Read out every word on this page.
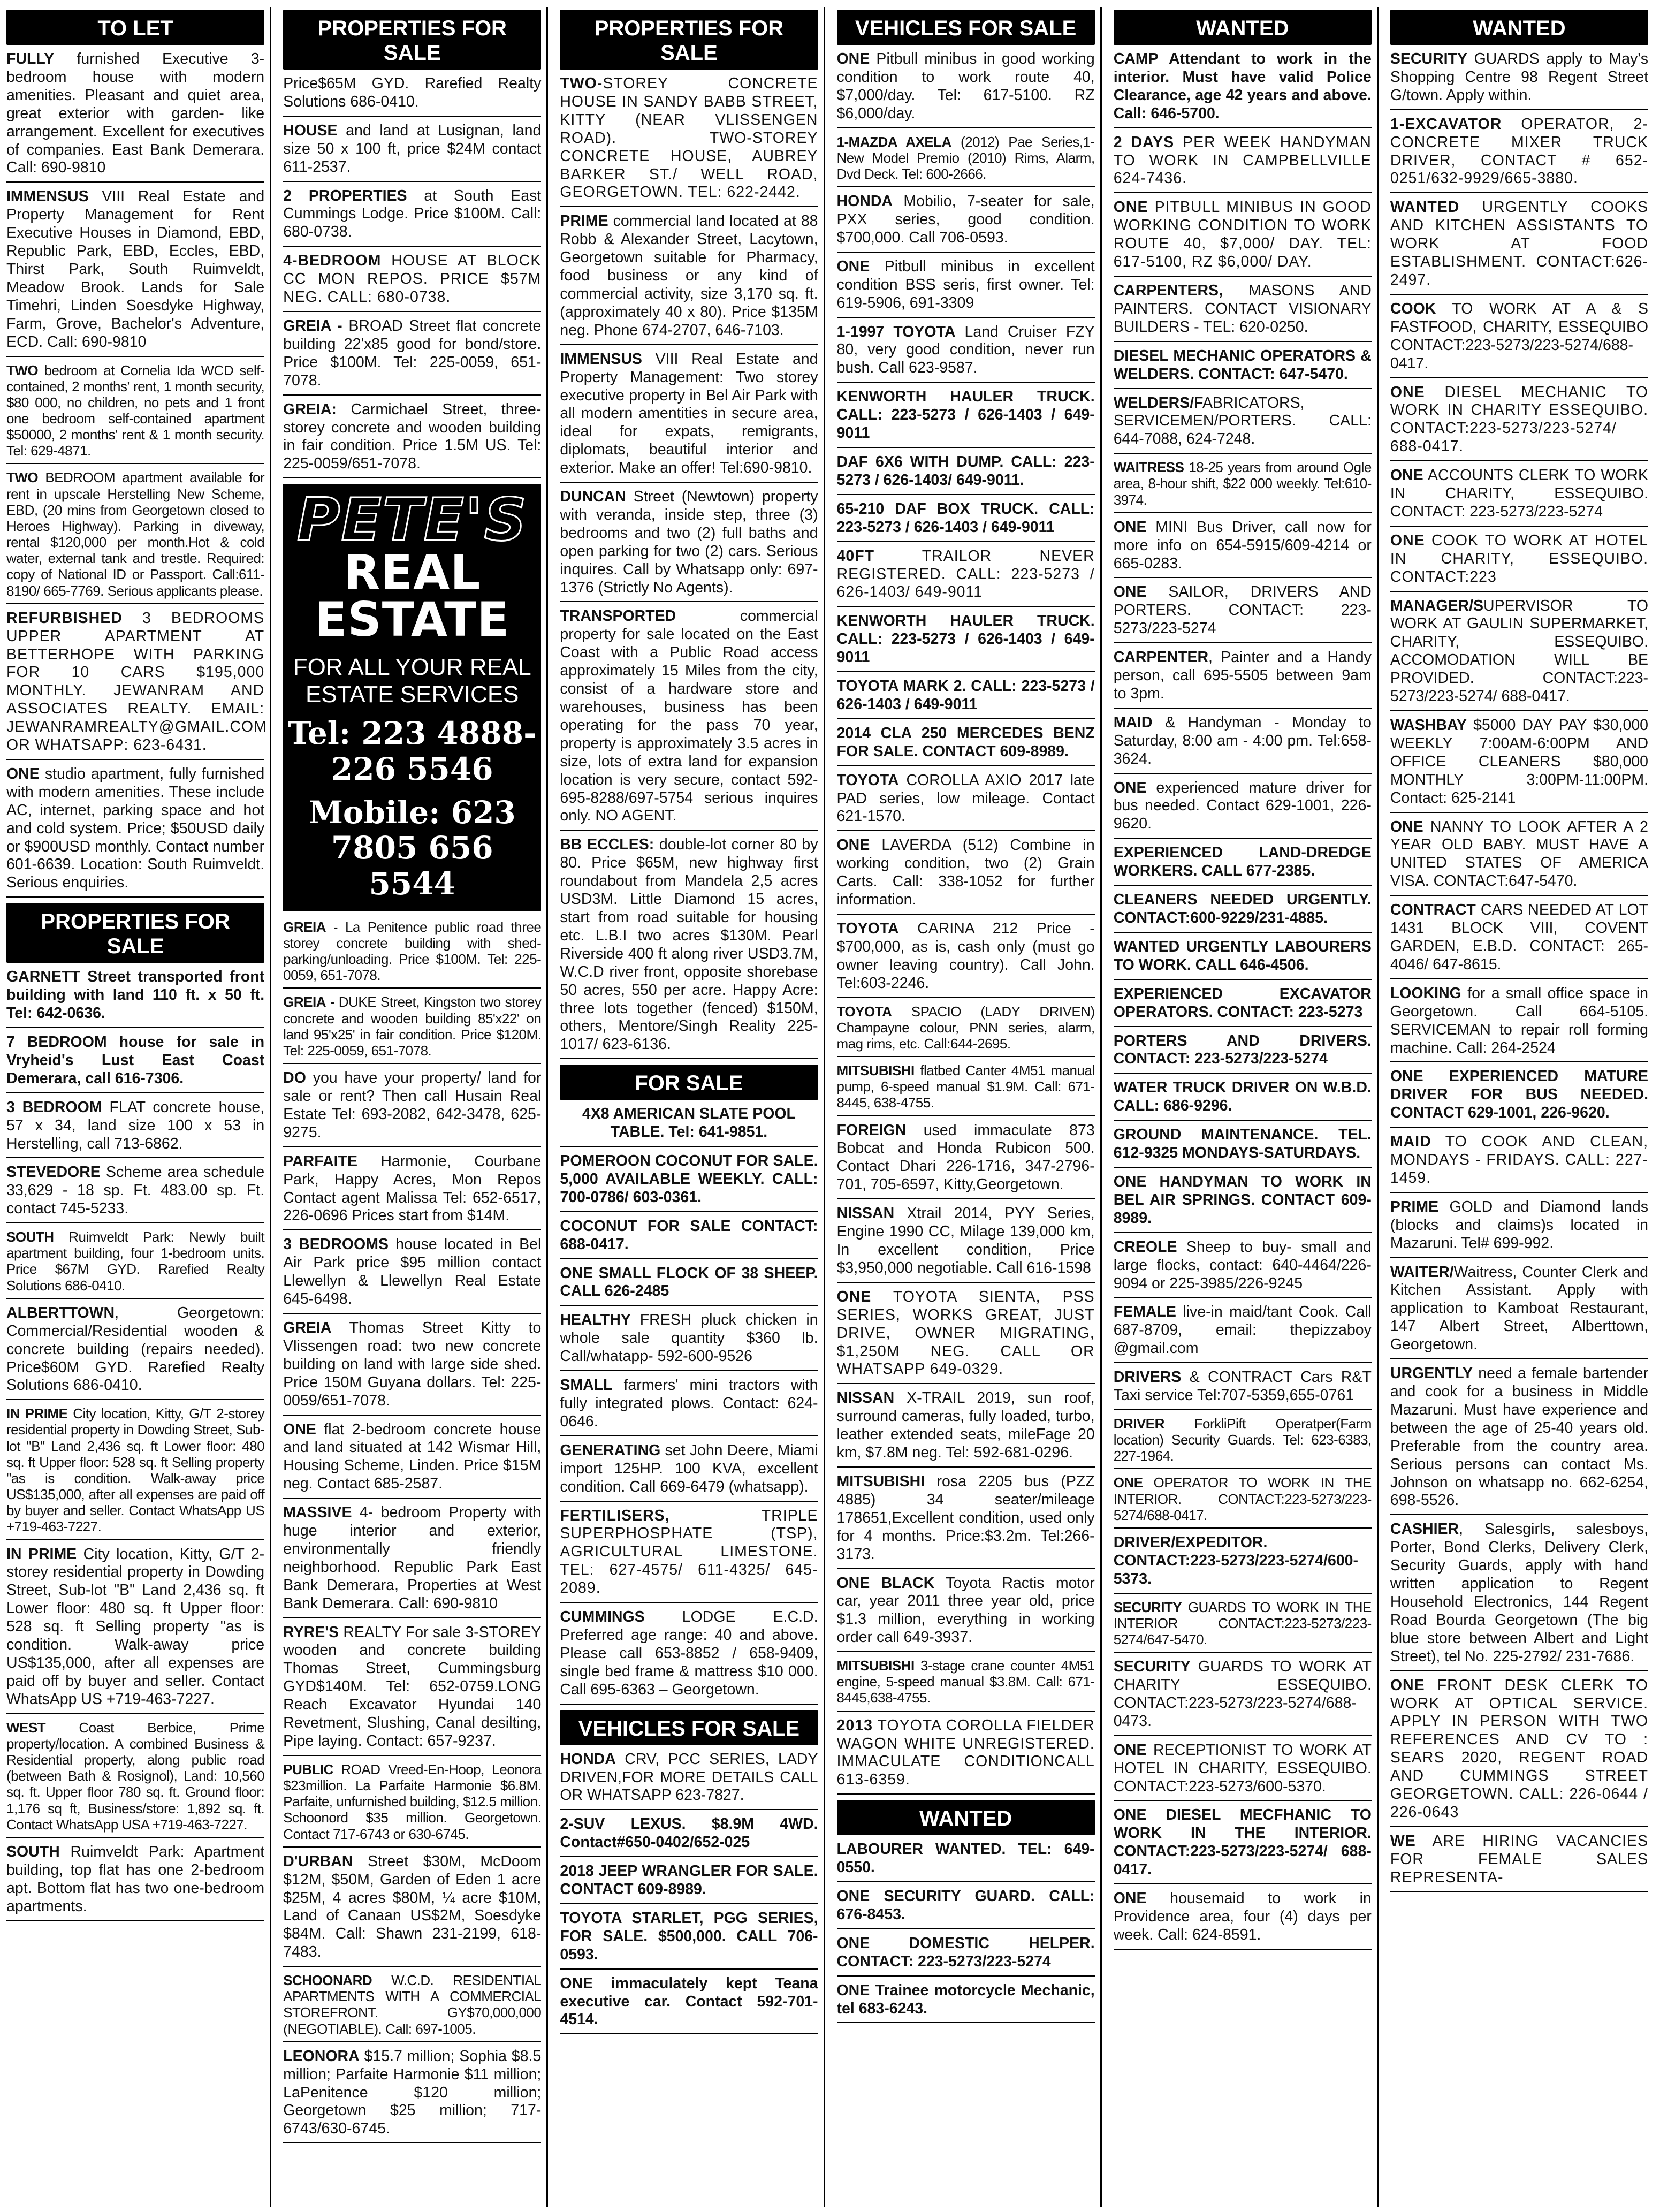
TO LET
FULLY furnished Executive 3- bedroom house with modern amenities. Pleasant and quiet area, great exterior with garden- like arrangement. Excellent for executives of companies. East Bank Demerara. Call: 690-9810
IMMENSUS VIII Real Estate and Property Management for Rent Executive Houses in Diamond, EBD, Republic Park, EBD, Eccles, EBD, Thirst Park, South Ruimveldt, Meadow Brook. Lands for Sale Timehri, Linden Soesdyke Highway, Farm, Grove, Bachelor's Adventure, ECD. Call: 690-9810
TWO bedroom at Cornelia Ida WCD self-contained, 2 months' rent, 1 month security, $80 000, no children, no pets and 1 front one bedroom self-contained apartment $50000, 2 months' rent & 1 month security. Tel: 629-4871.
TWO BEDROOM apartment available for rent in upscale Herstelling New Scheme, EBD, (20 mins from Georgetown closed to Heroes Highway). Parking in diveway, rental $120,000 per month.Hot & cold water, external tank and trestle. Required: copy of National ID or Passport. Call:611-8190/ 665-7769. Serious applicants please.
REFURBISHED 3 BEDROOMS UPPER APARTMENT AT BETTERHOPE WITH PARKING FOR 10 CARS $195,000 MONTHLY. JEWANRAM AND ASSOCIATES REALTY. EMAIL: JEWANRAMREALTY@GMAIL.COM OR WHATSAPP: 623-6431.
ONE studio apartment, fully furnished with modern amenities. These include AC, internet, parking space and hot and cold system. Price; $50USD daily or $900USD monthly. Contact number 601-6639. Location: South Ruimveldt. Serious enquiries.
PROPERTIES FOR SALE
GARNETT Street transported front building with land 110 ft. x 50 ft. Tel: 642-0636.
7 BEDROOM house for sale in Vryheid's Lust East Coast Demerara, call 616-7306.
3 BEDROOM FLAT concrete house, 57 x 34, land size 100 x 53 in Herstelling, call 713-6862.
STEVEDORE Scheme area schedule 33,629 - 18 sp. Ft. 483.00 sp. Ft. contact 745-5233.
SOUTH Ruimveldt Park: Newly built apartment building, four 1-bedroom units. Price $67M GYD. Rarefied Realty Solutions 686-0410.
ALBERTTOWN, Georgetown: Commercial/Residential wooden & concrete building (repairs needed). Price$60M GYD. Rarefied Realty Solutions 686-0410.
IN PRIME City location, Kitty, G/T 2-storey residential property in Dowding Street, Sub-lot "B" Land 2,436 sq. ft Lower floor: 480 sq. ft Upper floor: 528 sq. ft Selling property "as is condition. Walk-away price US$135,000, after all expenses are paid off by buyer and seller. Contact WhatsApp US +719-463-7227.
IN PRIME City location, Kitty, G/T 2-storey residential property in Dowding Street, Sub-lot "B" Land 2,436 sq. ft Lower floor: 480 sq. ft Upper floor: 528 sq. ft Selling property "as is condition. Walk-away price US$135,000, after all expenses are paid off by buyer and seller. Contact WhatsApp US +719-463-7227.
WEST Coast Berbice, Prime property/location. A combined Business & Residential property, along public road (between Bath & Rosignol), Land: 10,560 sq. ft. Upper floor 780 sq. ft. Ground floor: 1,176 sq ft, Business/store: 1,892 sq. ft. Contact WhatsApp USA +719-463-7227.
SOUTH Ruimveldt Park: Apartment building, top flat has one 2-bedroom apt. Bottom flat has two one-bedroom apartments.
PROPERTIES FOR SALE
Price$65M GYD. Rarefied Realty Solutions 686-0410.
HOUSE and land at Lusignan, land size 50 x 100 ft, price $24M contact 611-2537.
2 PROPERTIES at South East Cummings Lodge. Price $100M. Call: 680-0738.
4-BEDROOM HOUSE AT BLOCK CC MON REPOS. PRICE $57M NEG. CALL: 680-0738.
GREIA - BROAD Street flat concrete building 22'x85 good for bond/store. Price $100M. Tel: 225-0059, 651-7078.
GREIA: Carmichael Street, three-storey concrete and wooden building in fair condition. Price 1.5M US. Tel: 225-0059/651-7078.
PETE'S
REAL ESTATE
FOR ALL YOUR REAL ESTATE SERVICES
Tel: 223 4888- 226 5546
Mobile: 623 7805 656 5544
GREIA - La Penitence public road three storey concrete building with shed-parking/unloading. Price $100M. Tel: 225-0059, 651-7078.
GREIA - DUKE Street, Kingston two storey concrete and wooden building 85'x22' on land 95'x25' in fair condition. Price $120M. Tel: 225-0059, 651-7078.
DO you have your property/ land for sale or rent? Then call Husain Real Estate Tel: 693-2082, 642-3478, 625-9275.
PARFAITE Harmonie, Courbane Park, Happy Acres, Mon Repos Contact agent Malissa Tel: 652-6517, 226-0696 Prices start from $14M.
3 BEDROOMS house located in Bel Air Park price $95 million contact Llewellyn & Llewellyn Real Estate 645-6498.
GREIA Thomas Street Kitty to Vlissengen road: two new concrete building on land with large side shed. Price 150M Guyana dollars. Tel: 225-0059/651-7078.
ONE flat 2-bedroom concrete house and land situated at 142 Wismar Hill, Housing Scheme, Linden. Price $15M neg. Contact 685-2587.
MASSIVE 4- bedroom Property with huge interior and exterior, environmentally friendly neighborhood. Republic Park East Bank Demerara, Properties at West Bank Demerara. Call: 690-9810
RYRE'S REALTY For sale 3-STOREY wooden and concrete building Thomas Street, Cummingsburg GYD$140M. Tel: 652-0759.LONG Reach Excavator Hyundai 140 Revetment, Slushing, Canal desilting, Pipe laying. Contact: 657-9237.
PUBLIC ROAD Vreed-En-Hoop, Leonora $23million. La Parfaite Harmonie $6.8M. Parfaite, unfurnished building, $12.5 million. Schoonord $35 million. Georgetown. Contact 717-6743 or 630-6745.
D'URBAN Street $30M, McDoom $12M, $50M, Garden of Eden 1 acre $25M, 4 acres $80M, ¼ acre $10M, Land of Canaan US$2M, Soesdyke $84M. Call: Shawn 231-2199, 618-7483.
SCHOONARD W.C.D. RESIDENTIAL APARTMENTS WITH A COMMERCIAL STOREFRONT. GY$70,000,000 (NEGOTIABLE). Call: 697-1005.
LEONORA $15.7 million; Sophia $8.5 million; Parfaite Harmonie $11 million; LaPenitence $120 million; Georgetown $25 million; 717-6743/630-6745.
PROPERTIES FOR SALE
TWO-STOREY CONCRETE HOUSE IN SANDY BABB STREET, KITTY (NEAR VLISSENGEN ROAD). TWO-STOREY CONCRETE HOUSE, AUBREY BARKER ST./ WELL ROAD, GEORGETOWN. TEL: 622-2442.
PRIME commercial land located at 88 Robb & Alexander Street, Lacytown, Georgetown suitable for Pharmacy, food business or any kind of commercial activity, size 3,170 sq. ft. (approximately 40 x 80). Price $135M neg. Phone 674-2707, 646-7103.
IMMENSUS VIII Real Estate and Property Management: Two storey executive property in Bel Air Park with all modern amentities in secure area, ideal for expats, remigrants, diplomats, beautiful interior and exterior. Make an offer! Tel:690-9810.
DUNCAN Street (Newtown) property with veranda, inside step, three (3) bedrooms and two (2) full baths and open parking for two (2) cars. Serious inquires. Call by Whatsapp only: 697-1376 (Strictly No Agents).
TRANSPORTED commercial property for sale located on the East Coast with a Public Road access approximately 15 Miles from the city, consist of a hardware store and warehouses, business has been operating for the pass 70 year, property is approximately 3.5 acres in size, lots of extra land for expansion location is very secure, contact 592-695-8288/697-5754 serious inquires only. NO AGENT.
BB ECCLES: double-lot corner 80 by 80. Price $65M, new highway first roundabout from Mandela 2,5 acres USD3M. Little Diamond 15 acres, start from road suitable for housing etc. L.B.I two acres $130M. Pearl Riverside 400 ft along river USD3.7M, W.C.D river front, opposite shorebase 50 acres, 550 per acre. Happy Acre: three lots together (fenced) $150M, others, Mentore/Singh Reality 225-1017/ 623-6136.
FOR SALE
4X8 AMERICAN SLATE POOL TABLE. Tel: 641-9851.
POMEROON COCONUT FOR SALE. 5,000 AVAILABLE WEEKLY. CALL: 700-0786/ 603-0361.
COCONUT FOR SALE CONTACT: 688-0417.
ONE SMALL FLOCK OF 38 SHEEP. CALL 626-2485
HEALTHY FRESH pluck chicken in whole sale quantity $360 lb. Call/whatapp- 592-600-9526
SMALL farmers' mini tractors with fully integrated plows. Contact: 624-0646.
GENERATING set John Deere, Miami import 125HP. 100 KVA, excellent condition. Call 669-6479 (whatsapp).
FERTILISERS, TRIPLE SUPERPHOSPHATE (TSP), AGRICULTURAL LIMESTONE. TEL: 627-4575/ 611-4325/ 645-2089.
CUMMINGS LODGE E.C.D. Preferred age range: 40 and above. Please call 653-8852 / 658-9409, single bed frame & mattress $10 000. Call 695-6363 – Georgetown.
VEHICLES FOR SALE
HONDA CRV, PCC SERIES, LADY DRIVEN,FOR MORE DETAILS CALL OR WHATSAPP 623-7827.
2-SUV LEXUS. $8.9M 4WD. Contact#650-0402/652-025
2018 JEEP WRANGLER FOR SALE. CONTACT 609-8989.
TOYOTA STARLET, PGG SERIES, FOR SALE. $500,000. CALL 706-0593.
ONE immaculately kept Teana executive car. Contact 592-701-4514.
VEHICLES FOR SALE
ONE Pitbull minibus in good working condition to work route 40, $7,000/day. Tel: 617-5100. RZ $6,000/day.
1-MAZDA AXELA (2012) Pae Series,1- New Model Premio (2010) Rims, Alarm, Dvd Deck. Tel: 600-2666.
HONDA Mobilio, 7-seater for sale, PXX series, good condition. $700,000. Call 706-0593.
ONE Pitbull minibus in excellent condition BSS seris, first owner. Tel: 619-5906, 691-3309
1-1997 TOYOTA Land Cruiser FZY 80, very good condition, never run bush. Call 623-9587.
KENWORTH HAULER TRUCK. CALL: 223-5273 / 626-1403 / 649-9011
DAF 6X6 WITH DUMP. CALL: 223-5273 / 626-1403/ 649-9011.
65-210 DAF BOX TRUCK. CALL: 223-5273 / 626-1403 / 649-9011
40FT TRAILOR NEVER REGISTERED. CALL: 223-5273 / 626-1403/ 649-9011
KENWORTH HAULER TRUCK. CALL: 223-5273 / 626-1403 / 649-9011
TOYOTA MARK 2. CALL: 223-5273 / 626-1403 / 649-9011
2014 CLA 250 MERCEDES BENZ FOR SALE. CONTACT 609-8989.
TOYOTA COROLLA AXIO 2017 late PAD series, low mileage. Contact 621-1570.
ONE LAVERDA (512) Combine in working condition, two (2) Grain Carts. Call: 338-1052 for further information.
TOYOTA CARINA 212 Price - $700,000, as is, cash only (must go owner leaving country). Call John. Tel:603-2246.
TOYOTA SPACIO (LADY DRIVEN) Champayne colour, PNN series, alarm, mag rims, etc. Call:644-2695.
MITSUBISHI flatbed Canter 4M51 manual pump, 6-speed manual $1.9M. Call: 671-8445, 638-4755.
FOREIGN used immaculate 873 Bobcat and Honda Rubicon 500. Contact Dhari 226-1716, 347-2796-701, 705-6597, Kitty,Georgetown.
NISSAN Xtrail 2014, PYY Series, Engine 1990 CC, Milage 139,000 km, In excellent condition, Price $3,950,000 negotiable. Call 616-1598
ONE TOYOTA SIENTA, PSS SERIES, WORKS GREAT, JUST DRIVE, OWNER MIGRATING, $1,250M NEG. CALL OR WHATSAPP 649-0329.
NISSAN X-TRAIL 2019, sun roof, surround cameras, fully loaded, turbo, leather extended seats, mileFage 20 km, $7.8M neg. Tel: 592-681-0296.
MITSUBISHI rosa 2205 bus (PZZ 4885) 34 seater/mileage 178651,Excellent condition, used only for 4 months. Price:$3.2m. Tel:266-3173.
ONE BLACK Toyota Ractis motor car, year 2011 three year old, price $1.3 million, everything in working order call 649-3937.
MITSUBISHI 3-stage crane counter 4M51 engine, 5-speed manual $3.8M. Call: 671-8445,638-4755.
2013 TOYOTA COROLLA FIELDER WAGON WHITE UNREGISTERED. IMMACULATE CONDITIONCALL 613-6359.
WANTED
LABOURER WANTED. TEL: 649-0550.
ONE SECURITY GUARD. CALL: 676-8453.
ONE DOMESTIC HELPER. CONTACT: 223-5273/223-5274
ONE Trainee motorcycle Mechanic, tel 683-6243.
WANTED
CAMP Attendant to work in the interior. Must have valid Police Clearance, age 42 years and above. Call: 646-5700.
2 DAYS PER WEEK HANDYMAN TO WORK IN CAMPBELLVILLE 624-7436.
ONE PITBULL MINIBUS IN GOOD WORKING CONDITION TO WORK ROUTE 40, $7,000/ DAY. TEL: 617-5100, RZ $6,000/ DAY.
CARPENTERS, MASONS AND PAINTERS. CONTACT VISIONARY BUILDERS - TEL: 620-0250.
DIESEL MECHANIC OPERATORS & WELDERS. CONTACT: 647-5470.
WELDERS/FABRICATORS, SERVICEMEN/PORTERS. CALL: 644-7088, 624-7248.
WAITRESS 18-25 years from around Ogle area, 8-hour shift, $22 000 weekly. Tel:610-3974.
ONE MINI Bus Driver, call now for more info on 654-5915/609-4214 or 665-0283.
ONE SAILOR, DRIVERS AND PORTERS. CONTACT: 223-5273/223-5274
CARPENTER, Painter and a Handy person, call 695-5505 between 9am to 3pm.
MAID & Handyman - Monday to Saturday, 8:00 am - 4:00 pm. Tel:658-3624.
ONE experienced mature driver for bus needed. Contact 629-1001, 226-9620.
EXPERIENCED LAND-DREDGE WORKERS. CALL 677-2385.
CLEANERS NEEDED URGENTLY. CONTACT:600-9229/231-4885.
WANTED URGENTLY LABOURERS TO WORK. CALL 646-4506.
EXPERIENCED EXCAVATOR OPERATORS. CONTACT: 223-5273
PORTERS AND DRIVERS. CONTACT: 223-5273/223-5274
WATER TRUCK DRIVER ON W.B.D. CALL: 686-9296.
GROUND MAINTENANCE. TEL. 612-9325 MONDAYS-SATURDAYS.
ONE HANDYMAN TO WORK IN BEL AIR SPRINGS. CONTACT 609-8989.
CREOLE Sheep to buy- small and large flocks, contact: 640-4464/226-9094 or 225-3985/226-9245
FEMALE live-in maid/tant Cook. Call 687-8709, email: thepizzaboy @gmail.com
DRIVERS & CONTRACT Cars R&T Taxi service Tel:707-5359,655-0761
DRIVER ForkliPift Operatper(Farm location) Security Guards. Tel: 623-6383, 227-1964.
ONE OPERATOR TO WORK IN THE INTERIOR. CONTACT:223-5273/223-5274/688-0417.
DRIVER/EXPEDITOR. CONTACT:223-5273/223-5274/600-5373.
SECURITY GUARDS TO WORK IN THE INTERIOR CONTACT:223-5273/223-5274/647-5470.
SECURITY GUARDS TO WORK AT CHARITY ESSEQUIBO. CONTACT:223-5273/223-5274/688-0473.
ONE RECEPTIONIST TO WORK AT HOTEL IN CHARITY, ESSEQUIBO. CONTACT:223-5273/600-5370.
ONE DIESEL MECFHANIC TO WORK IN THE INTERIOR. CONTACT:223-5273/223-5274/ 688-0417.
ONE housemaid to work in Providence area, four (4) days per week. Call: 624-8591.
WANTED
SECURITY GUARDS apply to May's Shopping Centre 98 Regent Street G/town. Apply within.
1-EXCAVATOR OPERATOR, 2- CONCRETE MIXER TRUCK DRIVER, CONTACT # 652-0251/632-9929/665-3880.
WANTED URGENTLY COOKS AND KITCHEN ASSISTANTS TO WORK AT FOOD ESTABLISHMENT. CONTACT:626-2497.
COOK TO WORK AT A & S FASTFOOD, CHARITY, ESSEQUIBO CONTACT:223-5273/223-5274/688-0417.
ONE DIESEL MECHANIC TO WORK IN CHARITY ESSEQUIBO. CONTACT:223-5273/223-5274/ 688-0417.
ONE ACCOUNTS CLERK TO WORK IN CHARITY, ESSEQUIBO. CONTACT: 223-5273/223-5274
ONE COOK TO WORK AT HOTEL IN CHARITY, ESSEQUIBO. CONTACT:223
MANAGER/SUPERVISOR TO WORK AT GAULIN SUPERMARKET, CHARITY, ESSEQUIBO. ACCOMODATION WILL BE PROVIDED. CONTACT:223-5273/223-5274/ 688-0417.
WASHBAY $5000 DAY PAY $30,000 WEEKLY 7:00AM-6:00PM AND OFFICE CLEANERS $80,000 MONTHLY 3:00PM-11:00PM. Contact: 625-2141
ONE NANNY TO LOOK AFTER A 2 YEAR OLD BABY. MUST HAVE A UNITED STATES OF AMERICA VISA. CONTACT:647-5470.
CONTRACT CARS NEEDED AT LOT 1431 BLOCK VIII, COVENT GARDEN, E.B.D. CONTACT: 265-4046/ 647-8615.
LOOKING for a small office space in Georgetown. Call 664-5105. SERVICEMAN to repair roll forming machine. Call: 264-2524
ONE EXPERIENCED MATURE DRIVER FOR BUS NEEDED. CONTACT 629-1001, 226-9620.
MAID TO COOK AND CLEAN, MONDAYS - FRIDAYS. CALL: 227-1459.
PRIME GOLD and Diamond lands (blocks and claims)s located in Mazaruni. Tel# 699-992.
WAITER/Waitress, Counter Clerk and Kitchen Assistant. Apply with application to Kamboat Restaurant, 147 Albert Street, Alberttown, Georgetown.
URGENTLY need a female bartender and cook for a business in Middle Mazaruni. Must have experience and between the age of 25-40 years old. Preferable from the country area. Serious persons can contact Ms. Johnson on whatsapp no. 662-6254, 698-5526.
CASHIER, Salesgirls, salesboys, Porter, Bond Clerks, Delivery Clerk, Security Guards, apply with hand written application to Regent Household Electronics, 144 Regent Road Bourda Georgetown (The big blue store between Albert and Light Street), tel No. 225-2792/ 231-7686.
ONE FRONT DESK CLERK TO WORK AT OPTICAL SERVICE. APPLY IN PERSON WITH TWO REFERENCES AND CV TO : SEARS 2020, REGENT ROAD AND CUMMINGS STREET GEORGETOWN. CALL: 226-0644 / 226-0643
WE ARE HIRING VACANCIES FOR FEMALE SALES REPRESENTA-
